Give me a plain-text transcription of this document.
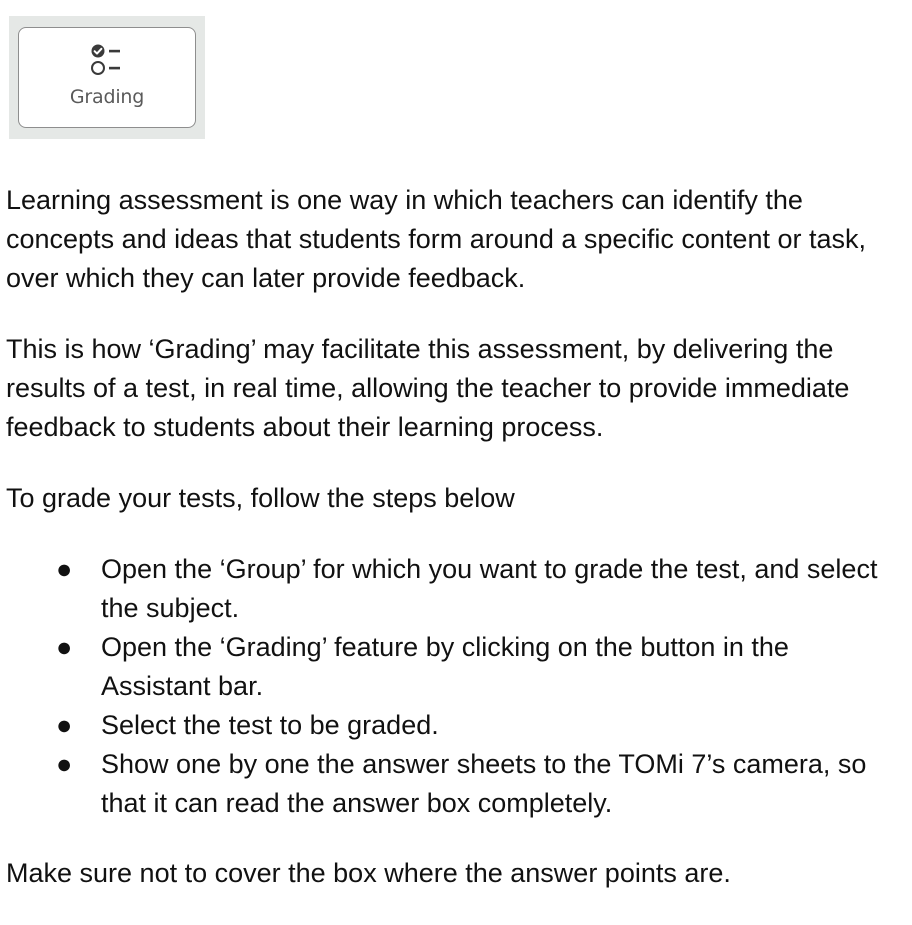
Grading

Learning assessment is one way in which teachers can identify the concepts and ideas that students form around a specific content or task, over which they can later provide feedback.

This is how ‘Grading’ may facilitate this assessment, by delivering the results of a test, in real time, allowing the teacher to provide immediate feedback to students about their learning process.

To grade your tests, follow the steps below

● Open the ‘Group’ for which you want to grade the test, and select the subject.
● Open the ‘Grading’ feature by clicking on the button in the Assistant bar.
● Select the test to be graded.
● Show one by one the answer sheets to the TOMi 7’s camera, so that it can read the answer box completely.

Make sure not to cover the box where the answer points are.
